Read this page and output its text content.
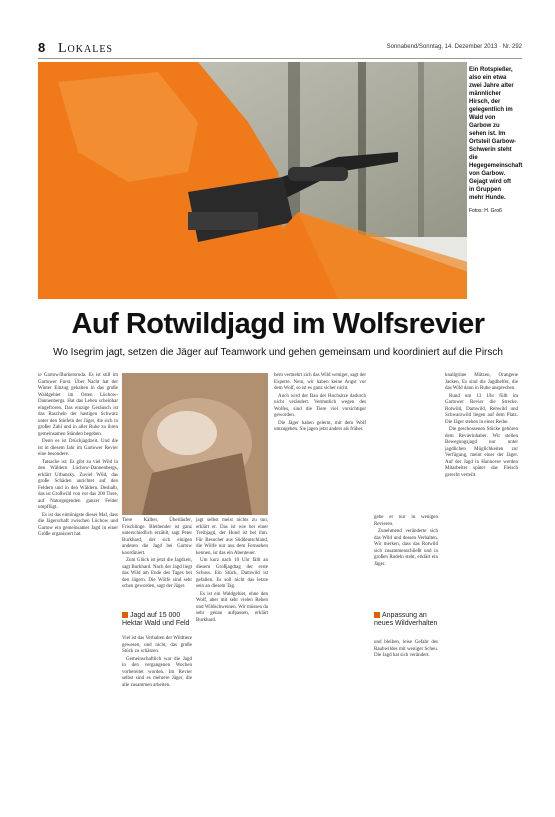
8 Lokales	Sonnabend/Sonntag, 14. Dezember 2013 · Nr. 292
Ein Rotspießer, also ein etwa zwei Jahre alter männlicher Hirsch, der gelegentlich im Wald von Garbow zu sehen ist. Im Ortsteil Garbow-Schwerin steht die Hegegemeinschaft von Garbow. Gejagt wird oft in Gruppen mehr Hunde.
Fotos: H. Groß
Auf Rotwildjagd im Wolfsrevier
Wo Isegrim jagt, setzen die Jäger auf Teamwork und gehen gemeinsam und koordiniert auf die Pirsch

ie Gartow/Burkersroda. Es ist still im Gartower Forst. Über Nacht hat der Winter Einzug gehalten in das große Waldgebiet im Osten Lüchow-Dannenbergs. Hat das Leben scheinbar eingefroren. Das einzige Geräusch ist das Rascheln der hastigen Schwarz unter den Stiefeln der Jäger, die sich in großer Zahl und in aller Ruhe zu ihren gemeinsamen Ständen begeben.

Denn es ist Drückjagdzeit. Und die ist in diesem Jahr im Gartower Revier eine besondere.

Tatsache ist: Es gibt zu viel Wild in den Wäldern Lüchow-Dannenbergs, erklärt Urbansky. Zuviel Wild, das große Schäden anrichtet auf den Feldern und in den Wäldern. Deshalb, das ist Großwild von vor das 200 Tiere, auf Naturgegenden ganzer Felder umpflügt.

Es ist das eintönigste dieser Mal, dass die Jägerschaft zwischen Lüchow und Gartow ein gemeinsamer Jagd in einer Größe organisiert hat.

Tiere Kälber, Überläufer, Frischlinge. Bleibender ist ganz unterschiedlich erzählt, sagt Peter Burkhard, der sich einigen anderen die Jagd bei Gartow koordiniert.

Zum Glück ist jetzt die Jagdzeit, sagt Burkhard. Nach der Jagd liegt das Wild am Ende des Tages bei den Jägern. Die Wölfe sind sehr scheu geworden, sagt der Jäger.

Jagd auf 15 000 Hektar Wald und Feld

Viel ist das Verhalten der Wildtiere gewesen, und nicht, das große Stück zu schätzen.

Gemeinschaftlich war die Jagd in den vergangenen Wochen vorbereitet worden. Im Revier selbst sind es mehrere Jäger, die alle zusammen arbeiten.

jagt selbst meist nichts zu tun, erklärt er. Das ist wie bei einer Treibjagd, der Hund ist bei ihm. Für Besucher aus Süddeutschland, die Wölfe nur aus dem Fernsehen kennen, ist das ein Abenteuer.

Um kurz nach 10 Uhr fällt an diesem Großjagdtag der erste Schuss. Ein Stück, Damwild ist gefallen. Es soll nicht das letzte sein an diesem Tag.

Es ist ein Waldgebiet, ohne den Wolf, aber mit sehr vielen Rehen und Wildschweinen. Wir müssen da sehr genau aufpassen, erklärt Burkhard.

hern vermehrt sich das Wild weniger, sagt der Experte. Nein, wir haben keine Angst vor dem Wolf, so ist es ganz sicher nicht.

Auch wird der Bau der Hochsitze dadurch nicht verändert. Vermutlich wegen des Wolfes, sind die Tiere viel vorsichtiger geworden.

Die Jäger haben gelernt, mit dem Wolf umzugehen. Sie jagen jetzt anders als früher.

gehe er nur in wenigen Revieren.

Zunehmend veränderte sich das Wild und dessen Verhalten. Wir merken, dass das Rotwild sich zusammenschließt und in großen Rudeln steht, erklärt ein Jäger.

Anpassung an neues Wildverhalten

und bleiben, leise Gefahr des Raubwildes mit weniger Scheu. Die Jagd hat sich verändert.

knallgrüne Mützen, Orangene Jacken, Es sind die Jagdhelfer, die das Wild dann in Ruhe ansprechen.

Rund um 13 Uhr füllt im Gartower Revier die Strecke. Rotwild, Damwild, Rehwild und Schwarzwild liegen auf dem Platz. Die Jäger stehen in einer Reihe.

Die geschossenen Stücke gehören dem Revierinhaber. Wir stellen Bewegungsjagd nur unter jagdlichen Möglichkeiten zur Verfügung, meint einer der Jäger. Auf der Jagd in Hannover werden Mitarbeiter später das Fleisch gerecht verteilt.
